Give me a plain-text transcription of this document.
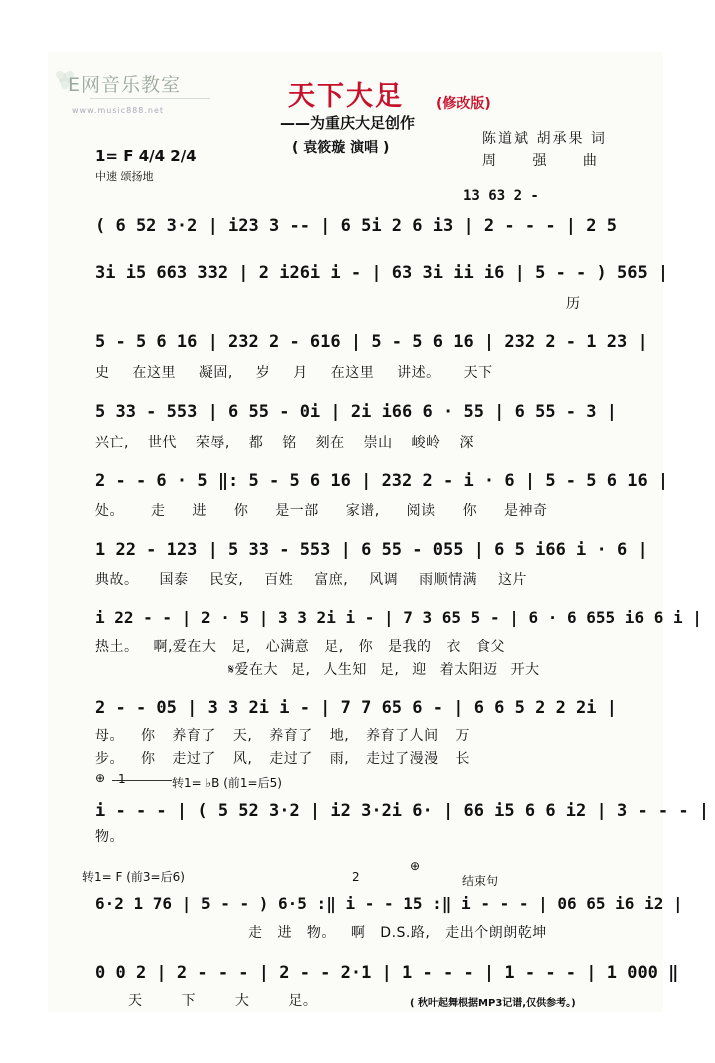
E网音乐教室
www.music888.net	天下大足 (修改版)
——为重庆大足创作
( 袁筱璇 演唱 )
陈道斌 胡承果 词
周 强 曲
1= F 4/4 2/4
中速 颂扬地
13 63 2 -
( 6 52 3·2 | i23 3 -- | 6 5i 2 6 i3 | 2 - - - | 2 5
3i i5 663 332 | 2 i26i i - | 63 3i ii i6 | 5 - - ) 565 |
历
5 - 5 6 16 | 232 2 - 616 | 5 - 5 6 16 | 232 2 - 1 23 |
史 在这里 凝固, 岁 月 在这里 讲述。 天下
5 33 - 553 | 6 55 - 0i | 2i i66 6 · 55 | 6 55 - 3 |
兴亡, 世代 荣辱, 都 铭 刻在 崇山 峻岭 深
2 - - 6 · 5 ‖: 5 - 5 6 16 | 232 2 - i · 6 | 5 - 5 6 16 |
处。 走 进 你 是一部 家谱, 阅读 你 是神奇
1 22 - 123 | 5 33 - 553 | 6 55 - 055 | 6 5 i66 i · 6 |
典故。 国泰 民安, 百姓 富庶, 风调 雨顺情满 这片
i 22 - - | 2 · 5 | 3 3 2i i - | 7 3 65 5 - | 6 · 6 655 i6 6 i |
热土。 啊,爱在大 足, 心满意 足, 你 是我的 衣 食父
𝄋爱在大 足, 人生知 足, 迎 着太阳迈 开大
2 - - 05 | 3 3 2i i - | 7 7 65 6 - | 6 6 5 2 2 2i |
母。 你 养育了 天, 养育了 地, 养育了人间 万
步。 你 走过了 风, 走过了 雨, 走过了漫漫 长
⊕ 1	转1= ♭B (前1=后5)
i - - - | ( 5 52 3·2 | i2 3·2i 6· | 66 i5 6 6 i2 | 3 - - - |
物。
转1= F (前3=后6)
⊕
2	结束句
6·2 1 76 | 5 - - ) 6·5 :‖ i - - 15 :‖ i - - - | 06 65 i6 i2 |
走 进 物。 啊 D.S.路, 走出个朗朗乾坤
0 0 2 | 2 - - - | 2 - - 2·1 | 1 - - - | 1 - - - | 1 000 ‖
天 下 大 足。	( 秋叶起舞根据MP3记谱,仅供参考。)
